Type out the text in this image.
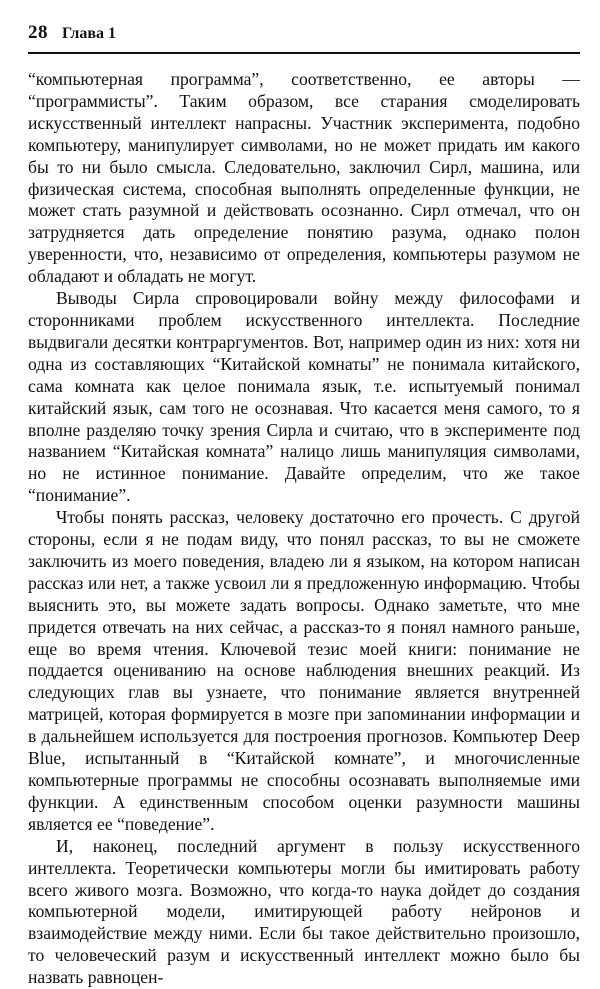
28 Глава 1

“компьютерная программа”, соответственно, ее авторы — “программисты”. Таким образом, все старания смоделировать искусственный интеллект напрасны. Участник эксперимента, подобно компьютеру, манипулирует символами, но не может придать им какого бы то ни было смысла. Следовательно, заключил Сирл, машина, или физическая система, способная выполнять определенные функции, не может стать разумной и действовать осознанно. Сирл отмечал, что он затрудняется дать определение понятию разума, однако полон уверенности, что, независимо от определения, компьютеры разумом не обладают и обладать не могут.

Выводы Сирла спровоцировали войну между философами и сторонниками проблем искусственного интеллекта. Последние выдвигали десятки контраргументов. Вот, например один из них: хотя ни одна из составляющих “Китайской комнаты” не понимала китайского, сама комната как целое понимала язык, т.е. испытуемый понимал китайский язык, сам того не осознавая. Что касается меня самого, то я вполне разделяю точку зрения Сирла и считаю, что в эксперименте под названием “Китайская комната” налицо лишь манипуляция символами, но не истинное понимание. Давайте определим, что же такое “понимание”.

Чтобы понять рассказ, человеку достаточно его прочесть. С другой стороны, если я не подам виду, что понял рассказ, то вы не сможете заключить из моего поведения, владею ли я языком, на котором написан рассказ или нет, а также усвоил ли я предложенную информацию. Чтобы выяснить это, вы можете задать вопросы. Однако заметьте, что мне придется отвечать на них сейчас, а рассказ-то я понял намного раньше, еще во время чтения. Ключевой тезис моей книги: понимание не поддается оцениванию на основе наблюдения внешних реакций. Из следующих глав вы узнаете, что понимание является внутренней матрицей, которая формируется в мозге при запоминании информации и в дальнейшем используется для построения прогнозов. Компьютер Deep Blue, испытанный в “Китайской комнате”, и многочисленные компьютерные программы не способны осознавать выполняемые ими функции. А единственным способом оценки разумности машины является ее “поведение”.

И, наконец, последний аргумент в пользу искусственного интеллекта. Теоретически компьютеры могли бы имитировать работу всего живого мозга. Возможно, что когда-то наука дойдет до создания компьютерной модели, имитирующей работу нейронов и взаимодействие между ними. Если бы такое действительно произошло, то человеческий разум и искусственный интеллект можно было бы назвать равноцен-
